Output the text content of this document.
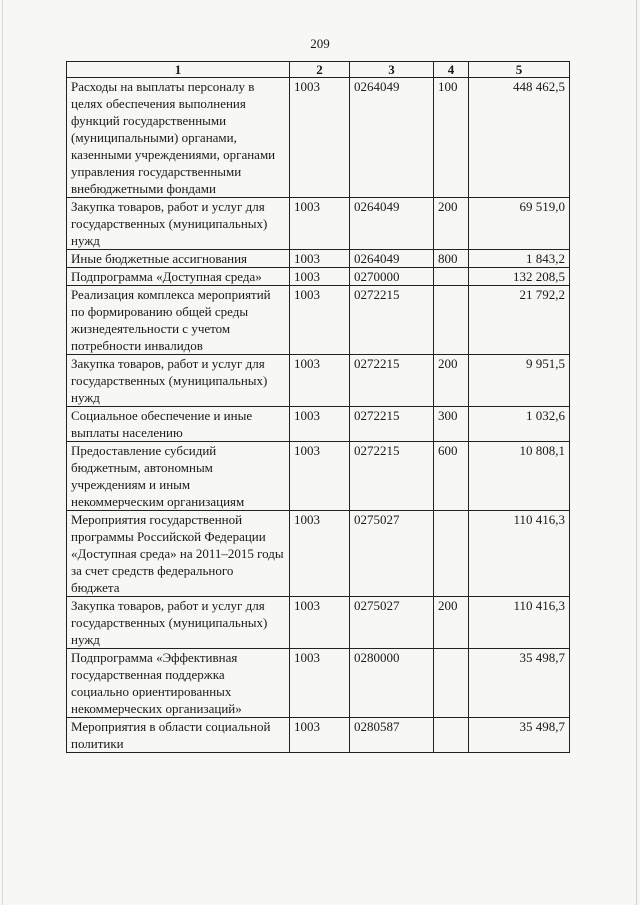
209
1	2	3	4	5
Расходы на выплаты персоналу в целях обеспечения выполнения функций государственными (муниципальными) органами, казенными учреждениями, органами управления государственными внебюджетными фондами	1003	0264049	100	448 462,5
Закупка товаров, работ и услуг для государственных (муниципальных) нужд	1003	0264049	200	69 519,0
Иные бюджетные ассигнования	1003	0264049	800	1 843,2
Подпрограмма «Доступная среда»	1003	0270000		132 208,5
Реализация комплекса мероприятий по формированию общей среды жизнедеятельности с учетом потребности инвалидов	1003	0272215		21 792,2
Закупка товаров, работ и услуг для государственных (муниципальных) нужд	1003	0272215	200	9 951,5
Социальное обеспечение и иные выплаты населению	1003	0272215	300	1 032,6
Предоставление субсидий бюджетным, автономным учреждениям и иным некоммерческим организациям	1003	0272215	600	10 808,1
Мероприятия государственной программы Российской Федерации «Доступная среда» на 2011–2015 годы за счет средств федерального бюджета	1003	0275027		110 416,3
Закупка товаров, работ и услуг для государственных (муниципальных) нужд	1003	0275027	200	110 416,3
Подпрограмма «Эффективная государственная поддержка социально ориентированных некоммерческих организаций»	1003	0280000		35 498,7
Мероприятия в области социальной политики	1003	0280587		35 498,7
